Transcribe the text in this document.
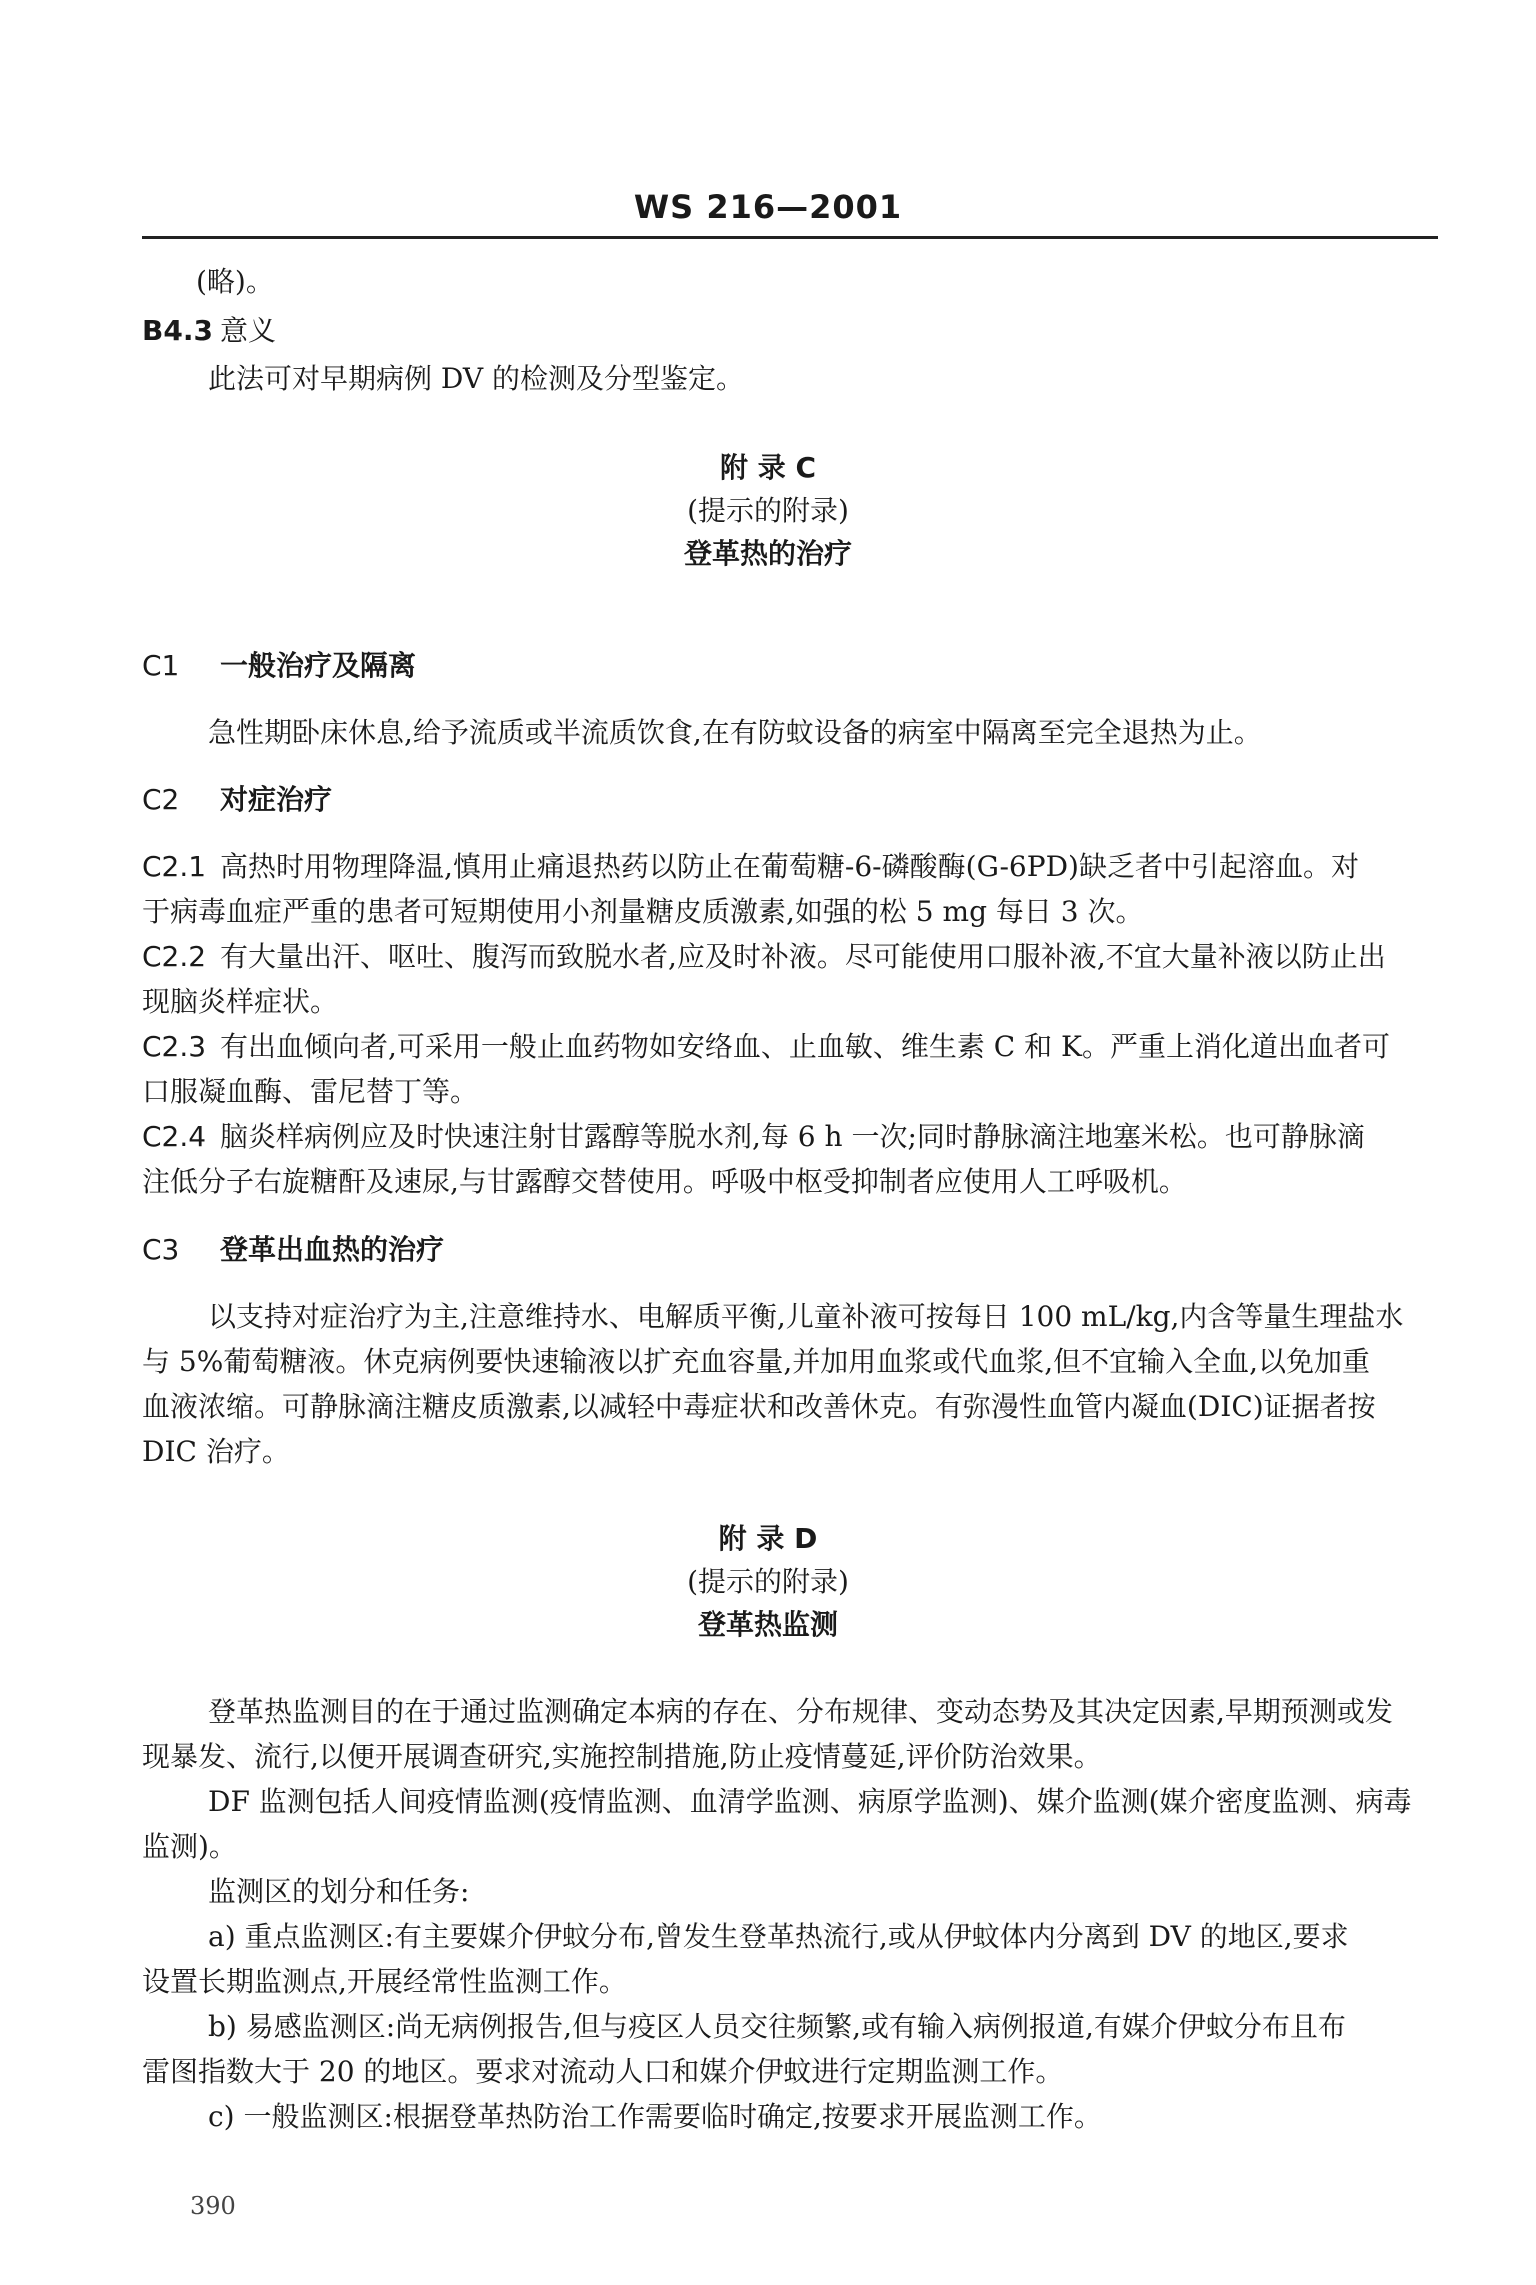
WS 216—2001
(略)。
B4.3 意义
此法可对早期病例 DV 的检测及分型鉴定。
附 录 C
(提示的附录)
登革热的治疗
C1 一般治疗及隔离
急性期卧床休息,给予流质或半流质饮食,在有防蚊设备的病室中隔离至完全退热为止。
C2 对症治疗
C2.1 高热时用物理降温,慎用止痛退热药以防止在葡萄糖-6-磷酸酶(G-6PD)缺乏者中引起溶血。对
于病毒血症严重的患者可短期使用小剂量糖皮质激素,如强的松 5 mg 每日 3 次。
C2.2 有大量出汗、呕吐、腹泻而致脱水者,应及时补液。尽可能使用口服补液,不宜大量补液以防止出
现脑炎样症状。
C2.3 有出血倾向者,可采用一般止血药物如安络血、止血敏、维生素 C 和 K。严重上消化道出血者可
口服凝血酶、雷尼替丁等。
C2.4 脑炎样病例应及时快速注射甘露醇等脱水剂,每 6 h 一次;同时静脉滴注地塞米松。也可静脉滴
注低分子右旋糖酐及速尿,与甘露醇交替使用。呼吸中枢受抑制者应使用人工呼吸机。
C3 登革出血热的治疗
以支持对症治疗为主,注意维持水、电解质平衡,儿童补液可按每日 100 mL/kg,内含等量生理盐水
与 5%葡萄糖液。休克病例要快速输液以扩充血容量,并加用血浆或代血浆,但不宜输入全血,以免加重
血液浓缩。可静脉滴注糖皮质激素,以减轻中毒症状和改善休克。有弥漫性血管内凝血(DIC)证据者按
DIC 治疗。
附 录 D
(提示的附录)
登革热监测
登革热监测目的在于通过监测确定本病的存在、分布规律、变动态势及其决定因素,早期预测或发
现暴发、流行,以便开展调查研究,实施控制措施,防止疫情蔓延,评价防治效果。
DF 监测包括人间疫情监测(疫情监测、血清学监测、病原学监测)、媒介监测(媒介密度监测、病毒
监测)。
监测区的划分和任务:
a) 重点监测区:有主要媒介伊蚊分布,曾发生登革热流行,或从伊蚊体内分离到 DV 的地区,要求
设置长期监测点,开展经常性监测工作。
b) 易感监测区:尚无病例报告,但与疫区人员交往频繁,或有输入病例报道,有媒介伊蚊分布且布
雷图指数大于 20 的地区。要求对流动人口和媒介伊蚊进行定期监测工作。
c) 一般监测区:根据登革热防治工作需要临时确定,按要求开展监测工作。
390
